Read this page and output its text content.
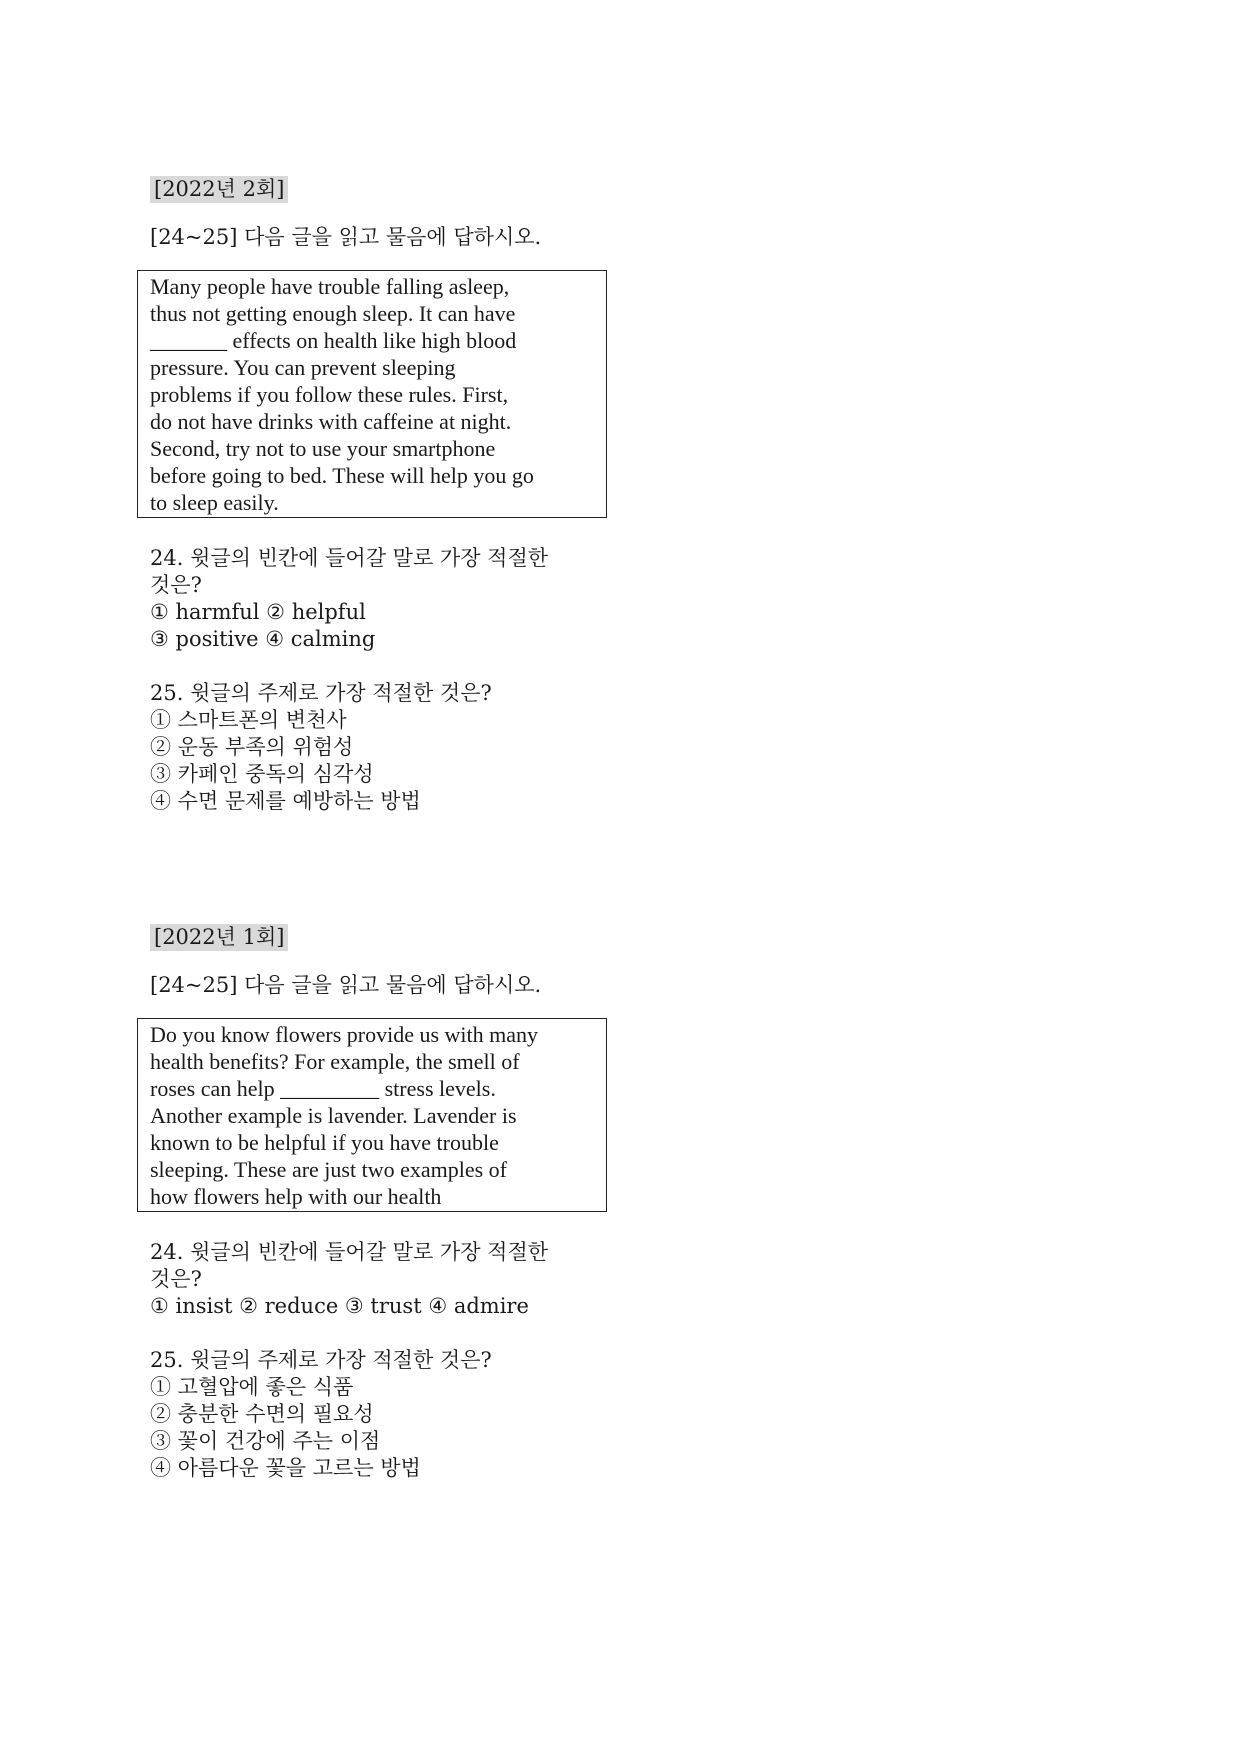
[2022년 2회]
[24~25] 다음 글을 읽고 물음에 답하시오.
Many people have trouble falling asleep,
thus not getting enough sleep. It can have
_______ effects on health like high blood
pressure. You can prevent sleeping
problems if you follow these rules. First,
do not have drinks with caffeine at night.
Second, try not to use your smartphone
before going to bed. These will help you go
to sleep easily.
24. 윗글의 빈칸에 들어갈 말로 가장 적절한
것은?
① harmful ② helpful
③ positive ④ calming
25. 윗글의 주제로 가장 적절한 것은?
① 스마트폰의 변천사
② 운동 부족의 위험성
③ 카페인 중독의 심각성
④ 수면 문제를 예방하는 방법
[2022년 1회]
[24~25] 다음 글을 읽고 물음에 답하시오.
Do you know flowers provide us with many
health benefits? For example, the smell of
roses can help _________ stress levels.
Another example is lavender. Lavender is
known to be helpful if you have trouble
sleeping. These are just two examples of
how flowers help with our health
24. 윗글의 빈칸에 들어갈 말로 가장 적절한
것은?
① insist ② reduce ③ trust ④ admire
25. 윗글의 주제로 가장 적절한 것은?
① 고혈압에 좋은 식품
② 충분한 수면의 필요성
③ 꽃이 건강에 주는 이점
④ 아름다운 꽃을 고르는 방법
